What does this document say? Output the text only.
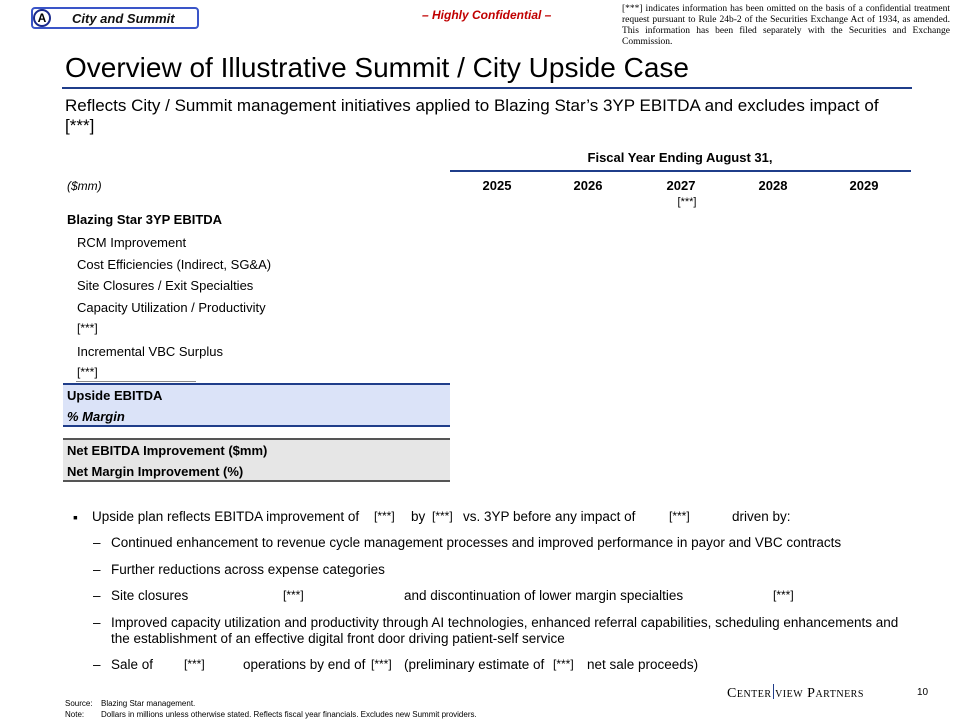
A	City and Summit	– Highly Confidential –	[***] indicates information has been omitted on the basis of a confidential treatment request pursuant to Rule 24b-2 of the Securities Exchange Act of 1934, as amended. This information has been filed separately with the Securities and Exchange Commission.
Overview of Illustrative Summit / City Upside Case
Reflects City / Summit management initiatives applied to Blazing Star’s 3YP EBITDA and excludes impact of [***]
Fiscal Year Ending August 31,
($mm)	2025	2026	2027	2028	2029
[***]
Blazing Star 3YP EBITDA
RCM Improvement
Cost Efficiencies (Indirect, SG&A)
Site Closures / Exit Specialties
Capacity Utilization / Productivity
[***]
Incremental VBC Surplus
[***]
Upside EBITDA
% Margin
Net EBITDA Improvement ($mm)
Net Margin Improvement (%)
▪ Upside plan reflects EBITDA improvement of [***] by [***] vs. 3YP before any impact of	[***]	driven by:
– Continued enhancement to revenue cycle management processes and improved performance in payor and VBC contracts
– Further reductions across expense categories
– Site closures	[***]	and discontinuation of lower margin specialties	[***]
– Improved capacity utilization and productivity through AI technologies, enhanced referral capabilities, scheduling enhancements and
the establishment of an effective digital front door driving patient-self service
– Sale of	[***]	operations by end of [***] (preliminary estimate of [***] net sale proceeds)
Center view Partners	10
Source: Blazing Star management.
Note: Dollars in millions unless otherwise stated. Reflects fiscal year financials. Excludes new Summit providers.
